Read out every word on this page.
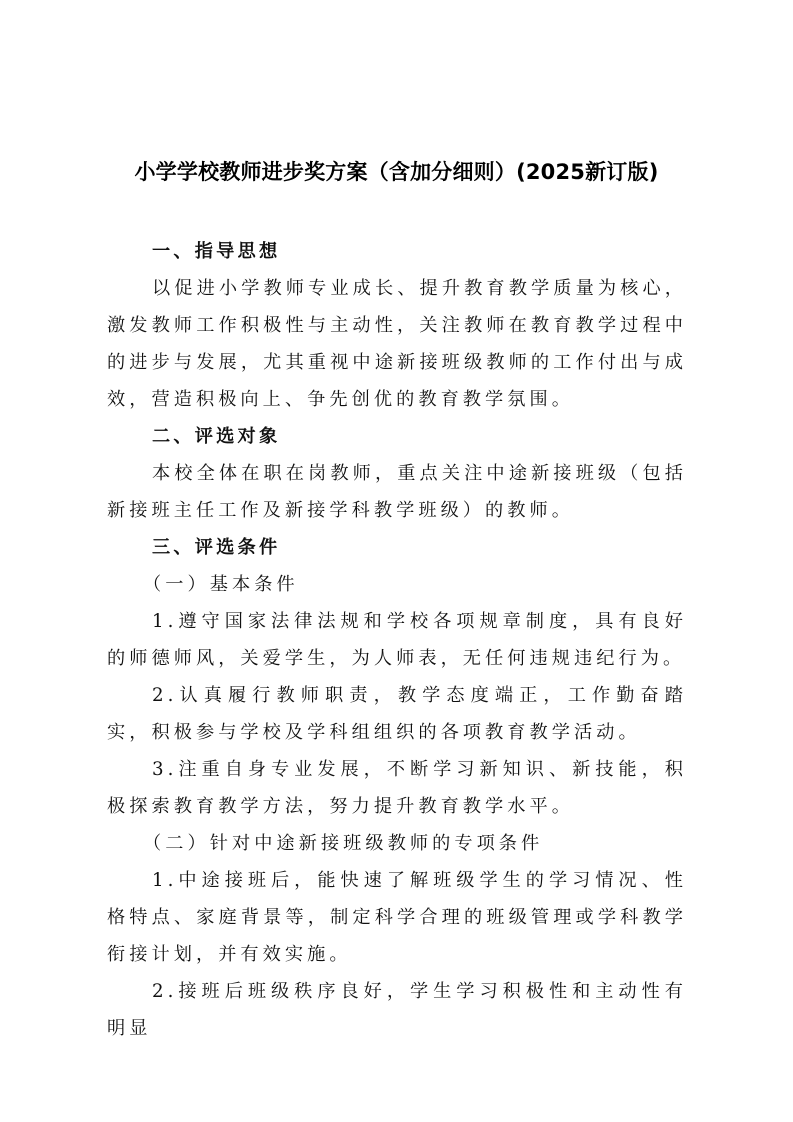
小学学校教师进步奖方案（含加分细则）(2025新订版)

一、指导思想

以促进小学教师专业成长、提升教育教学质量为核心，激发教师工作积极性与主动性，关注教师在教育教学过程中的进步与发展，尤其重视中途新接班级教师的工作付出与成效，营造积极向上、争先创优的教育教学氛围。

二、评选对象

本校全体在职在岗教师，重点关注中途新接班级（包括新接班主任工作及新接学科教学班级）的教师。

三、评选条件

（一）基本条件

1.遵守国家法律法规和学校各项规章制度，具有良好的师德师风，关爱学生，为人师表，无任何违规违纪行为。

2.认真履行教师职责，教学态度端正，工作勤奋踏实，积极参与学校及学科组组织的各项教育教学活动。

3.注重自身专业发展，不断学习新知识、新技能，积极探索教育教学方法，努力提升教育教学水平。

（二）针对中途新接班级教师的专项条件

1.中途接班后，能快速了解班级学生的学习情况、性格特点、家庭背景等，制定科学合理的班级管理或学科教学衔接计划，并有效实施。

2.接班后班级秩序良好，学生学习积极性和主动性有明显
